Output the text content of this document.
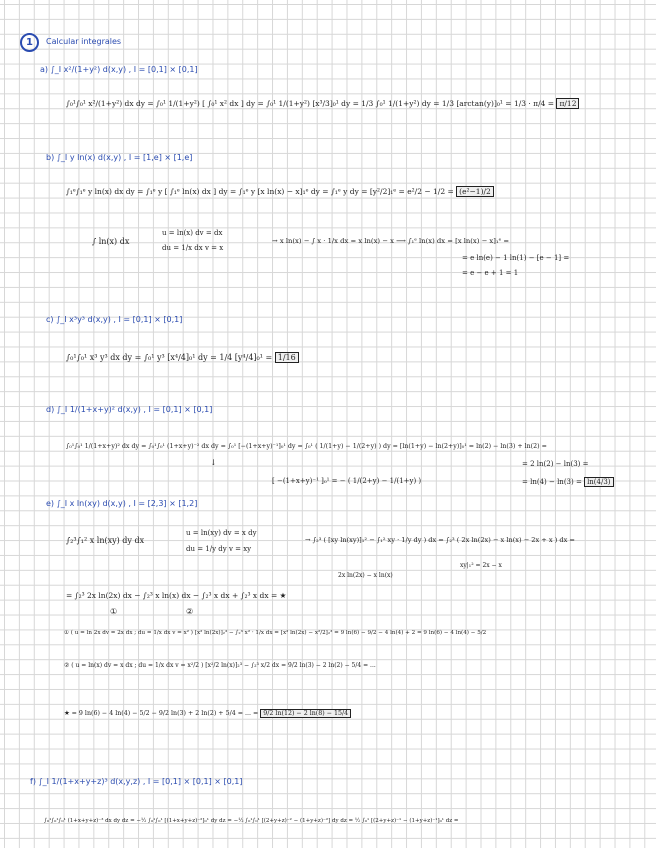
1	Calcular integrales
a) ∫_I x²/(1+y²) d(x,y) , I = [0,1] × [0,1]
∫₀¹∫₀¹ x²/(1+y²) dx dy = ∫₀¹ 1/(1+y²) [ ∫₀¹ x² dx ] dy = ∫₀¹ 1/(1+y²) [x³/3]₀¹ dy = 1/3 ∫₀¹ 1/(1+y²) dy = 1/3 [arctan(y)]₀¹ = 1/3 · π/4 = π/12
b) ∫_I y ln(x) d(x,y) , I = [1,e] × [1,e]
∫₁ᵉ∫₁ᵉ y ln(x) dx dy = ∫₁ᵉ y [ ∫₁ᵉ ln(x) dx ] dy = ∫₁ᵉ y [x ln(x) − x]₁ᵉ dy = ∫₁ᵉ y dy = [y²/2]₁ᵉ = e²/2 − 1/2 = (e²−1)/2
∫ ln(x) dx
u = ln(x) dv = dx
du = 1/x dx v = x
→ x ln(x) − ∫ x · 1/x dx = x ln(x) − x ⟶ ∫₁ᵉ ln(x) dx = [x ln(x) − x]₁ᵉ =
= e ln(e) − 1 ln(1) − [e − 1] =
= e − e + 1 = 1
c) ∫_I x³y³ d(x,y) , I = [0,1] × [0,1]
∫₀¹∫₀¹ x³ y³ dx dy = ∫₀¹ y³ [x⁴/4]₀¹ dy = 1/4 [y⁴/4]₀¹ = 1/16
d) ∫_I 1/(1+x+y)² d(x,y) , I = [0,1] × [0,1]
∫₀¹∫₀¹ 1/(1+x+y)² dx dy = ∫₀¹∫₀¹ (1+x+y)⁻² dx dy = ∫₀¹ [−(1+x+y)⁻¹]₀¹ dy = ∫₀¹ ( 1/(1+y) − 1/(2+y) ) dy = [ln(1+y) − ln(2+y)]₀¹ = ln(2) − ln(3) + ln(2) =
↓
[ −(1+x+y)⁻¹ ]₀¹ = − ( 1/(2+y) − 1/(1+y) )
= 2 ln(2) − ln(3) =
= ln(4) − ln(3) = ln(4/3)
e) ∫_I x ln(xy) d(x,y) , I = [2,3] × [1,2]
∫₂³∫₁² x ln(xy) dy dx
u = ln(xy) dv = x dy
du = 1/y dy v = xy
→ ∫₂³ ( [xy ln(xy)]₁² − ∫₁² xy · 1/y dy ) dx = ∫₂³ ( 2x ln(2x) − x ln(x) − 2x + x ) dx =
2x ln(2x) − x ln(x)
xy|₁² = 2x − x
= ∫₂³ 2x ln(2x) dx − ∫₂³ x ln(x) dx − ∫₂³ x dx + ∫₂³ x dx = ★
①	②
① ( u = ln 2x dv = 2x dx ; du = 1/x dx v = x² ) [x² ln(2x)]₂³ − ∫₂³ x² · 1/x dx = [x² ln(2x) − x²/2]₂³ = 9 ln(6) − 9/2 − 4 ln(4) + 2 = 9 ln(6) − 4 ln(4) − 5/2
② ( u = ln(x) dv = x dx ; du = 1/x dx v = x²/2 ) [x²/2 ln(x)]₂³ − ∫₂³ x/2 dx = 9/2 ln(3) − 2 ln(2) − 5/4 = ...
★ = 9 ln(6) − 4 ln(4) − 5/2 − 9/2 ln(3) + 2 ln(2) + 5/4 = ... = 9/2 ln(12) − 2 ln(8) − 15/4
f) ∫_I 1/(1+x+y+z)³ d(x,y,z) , I = [0,1] × [0,1] × [0,1]
∫₀¹∫₀¹∫₀¹ (1+x+y+z)⁻³ dx dy dz = −½ ∫₀¹∫₀¹ [(1+x+y+z)⁻²]₀¹ dy dz = −½ ∫₀¹∫₀¹ [(2+y+z)⁻² − (1+y+z)⁻²] dy dz = ½ ∫₀¹ [(2+y+z)⁻¹ − (1+y+z)⁻¹]₀¹ dz =
